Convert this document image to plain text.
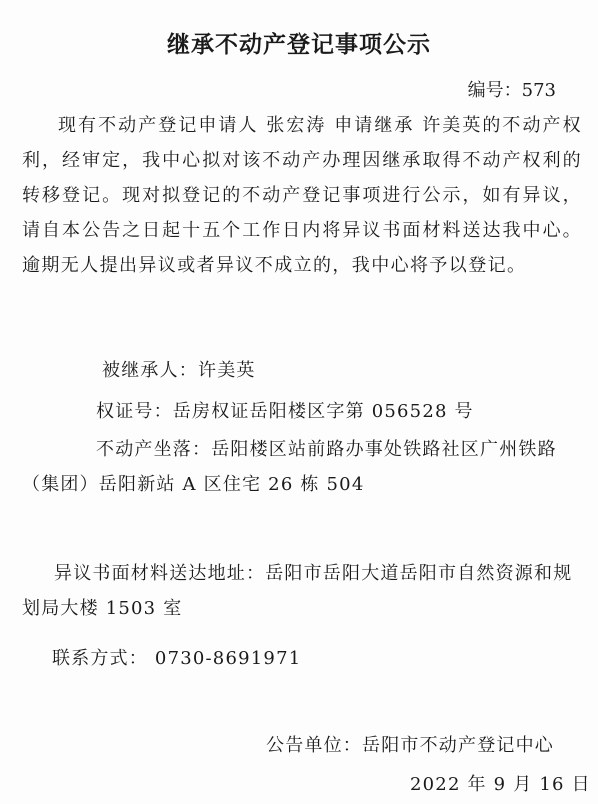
继承不动产登记事项公示
编号：573
现有不动产登记申请人 张宏涛 申请继承 许美英的不动产权利，经审定，我中心拟对该不动产办理因继承取得不动产权利的转移登记。现对拟登记的不动产登记事项进行公示，如有异议，请自本公告之日起十五个工作日内将异议书面材料送达我中心。逾期无人提出异议或者异议不成立的，我中心将予以登记。
被继承人：许美英
权证号：岳房权证岳阳楼区字第 056528 号
不动产坐落：岳阳楼区站前路办事处铁路社区广州铁路（集团）岳阳新站 A 区住宅 26 栋 504
异议书面材料送达地址：岳阳市岳阳大道岳阳市自然资源和规划局大楼 1503 室
联系方式： 0730-8691971
公告单位：岳阳市不动产登记中心
2022 年 9 月 16 日
